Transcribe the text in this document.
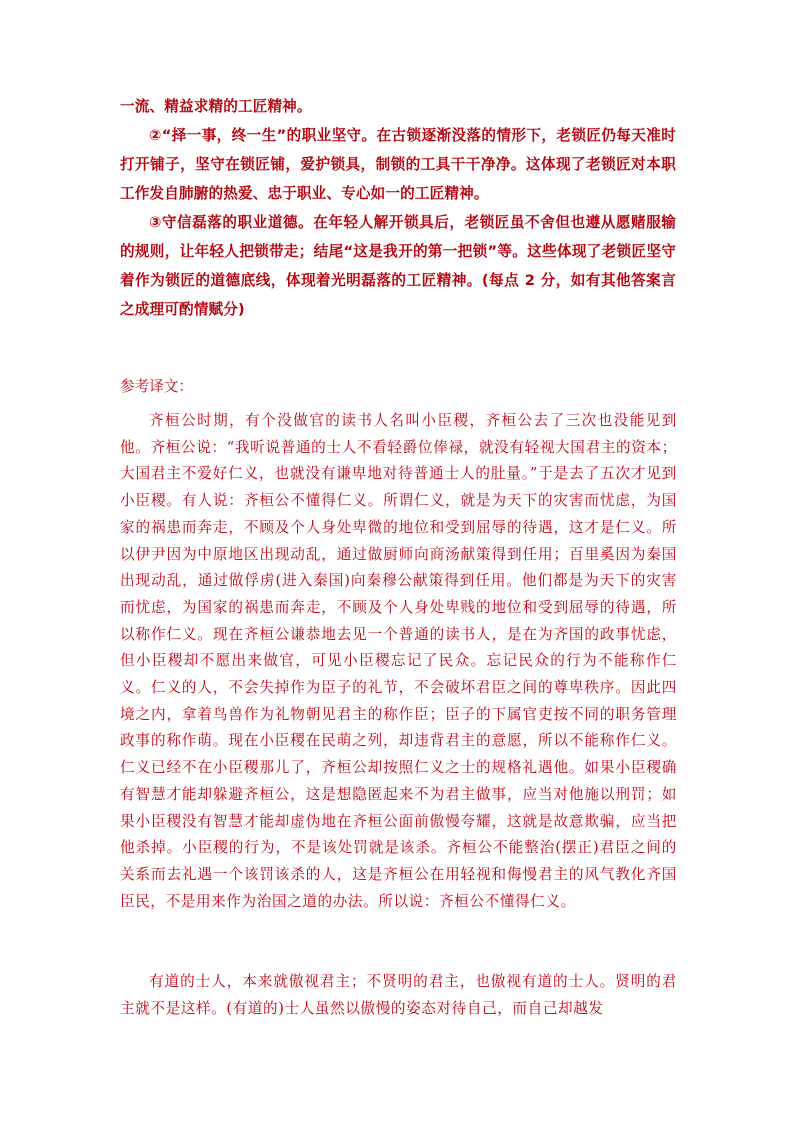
一流、精益求精的工匠精神。

②“择一事，终一生”的职业坚守。在古锁逐渐没落的情形下，老锁匠仍每天准时打开铺子，坚守在锁匠铺，爱护锁具，制锁的工具干干净净。这体现了老锁匠对本职工作发自肺腑的热爱、忠于职业、专心如一的工匠精神。

③守信磊落的职业道德。在年轻人解开锁具后，老锁匠虽不舍但也遵从愿赌服输的规则，让年轻人把锁带走；结尾“这是我开的第一把锁”等。这些体现了老锁匠坚守着作为锁匠的道德底线，体现着光明磊落的工匠精神。(每点 2 分，如有其他答案言之成理可酌情赋分)

参考译文：

齐桓公时期，有个没做官的读书人名叫小臣稷，齐桓公去了三次也没能见到他。齐桓公说：“我听说普通的士人不看轻爵位俸禄，就没有轻视大国君主的资本；大国君主不爱好仁义，也就没有谦卑地对待普通士人的肚量。”于是去了五次才见到小臣稷。有人说：齐桓公不懂得仁义。所谓仁义，就是为天下的灾害而忧虑，为国家的祸患而奔走，不顾及个人身处卑微的地位和受到屈辱的待遇，这才是仁义。所以伊尹因为中原地区出现动乱，通过做厨师向商汤献策得到任用；百里奚因为秦国出现动乱，通过做俘虏(进入秦国)向秦穆公献策得到任用。他们都是为天下的灾害而忧虑，为国家的祸患而奔走，不顾及个人身处卑贱的地位和受到屈辱的待遇，所以称作仁义。现在齐桓公谦恭地去见一个普通的读书人，是在为齐国的政事忧虑，但小臣稷却不愿出来做官，可见小臣稷忘记了民众。忘记民众的行为不能称作仁义。仁义的人，不会失掉作为臣子的礼节，不会破坏君臣之间的尊卑秩序。因此四境之内，拿着鸟兽作为礼物朝见君主的称作臣；臣子的下属官吏按不同的职务管理政事的称作萌。现在小臣稷在民萌之列，却违背君主的意愿，所以不能称作仁义。仁义已经不在小臣稷那儿了，齐桓公却按照仁义之士的规格礼遇他。如果小臣稷确有智慧才能却躲避齐桓公，这是想隐匿起来不为君主做事，应当对他施以刑罚；如果小臣稷没有智慧才能却虚伪地在齐桓公面前傲慢夸耀，这就是故意欺骗，应当把他杀掉。小臣稷的行为，不是该处罚就是该杀。齐桓公不能整治(摆正)君臣之间的关系而去礼遇一个该罚该杀的人，这是齐桓公在用轻视和侮慢君主的风气教化齐国臣民，不是用来作为治国之道的办法。所以说：齐桓公不懂得仁义。

有道的士人，本来就傲视君主；不贤明的君主，也傲视有道的士人。贤明的君主就不是这样。(有道的)士人虽然以傲慢的姿态对待自己，而自己却越发
